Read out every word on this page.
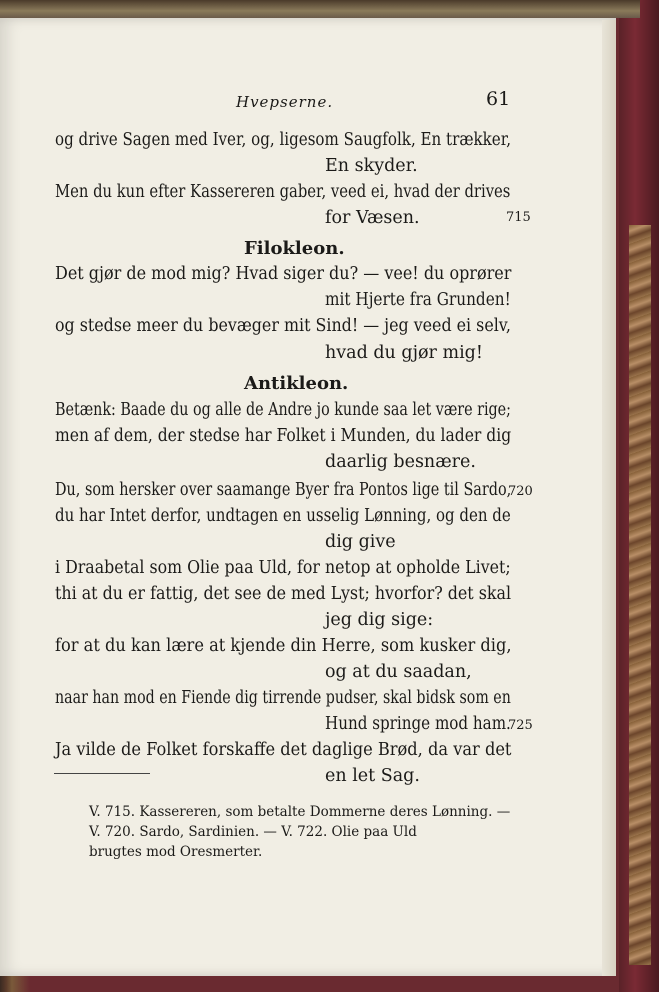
Hvepserne.	61
og drive Sagen med Iver, og, ligesom Saugfolk, En trækker,
En skyder.
Men du kun efter Kassereren gaber, veed ei, hvad der drives
for Væsen.	715
Filokleon.
Det gjør de mod mig? Hvad siger du? — vee! du oprører
mit Hjerte fra Grunden!
og stedse meer du bevæger mit Sind! — jeg veed ei selv,
hvad du gjør mig!
Antikleon.
Betænk: Baade du og alle de Andre jo kunde saa let være rige;
men af dem, der stedse har Folket i Munden, du lader dig
daarlig besnære.
Du, som hersker over saamange Byer fra Pontos lige til Sardo,
720
du har Intet derfor, undtagen en usselig Lønning, og den de
dig give
i Draabetal som Olie paa Uld, for netop at opholde Livet;
thi at du er fattig, det see de med Lyst; hvorfor? det skal
jeg dig sige:
for at du kan lære at kjende din Herre, som kusker dig,
og at du saadan,
naar han mod en Fiende dig tirrende pudser, skal bidsk som en
Hund springe mod ham.
725
Ja vilde de Folket forskaffe det daglige Brød, da var det
en let Sag.
V. 715. Kassereren, som betalte Dommerne deres Lønning. —
V. 720. Sardo, Sardinien. — V. 722. Olie paa Uld
brugtes mod Oresmerter.
